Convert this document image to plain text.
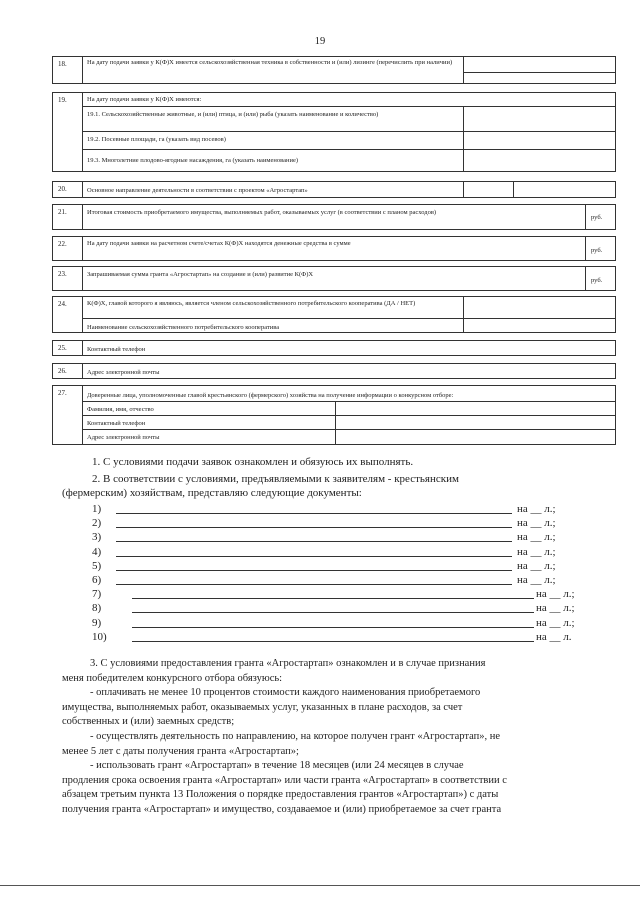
19
18.	На дату подачи заявки у К(Ф)Х имеется сельскохозяйственная техника в собственности и (или) лизинге (перечислить при наличии)
19.	На дату подачи заявки у К(Ф)Х имеются:
19.1. Сельскохозяйственные животные, и (или) птица, и (или) рыба (указать наименование и количество)
19.2. Посевные площади, га (указать вид посевов)
19.3. Многолетние плодово-ягодные насаждения, га (указать наименование)
20.	Основное направление деятельности в соответствии с проектом «Агростартап»
21.	Итоговая стоимость приобретаемого имущества, выполняемых работ, оказываемых услуг (в соответствии с планом расходов)
руб.
22.	На дату подачи заявки на расчетном счете/счетах К(Ф)Х находятся денежные средства в сумме
руб.
23.	Запрашиваемая сумма гранта «Агростартап» на создание и (или) развитие К(Ф)Х
руб.
24.	К(Ф)Х, главой которого я являюсь, является членом сельскохозяйственного потребительского кооператива (ДА / НЕТ)
Наименование сельскохозяйственного потребительского кооператива
25.	Контактный телефон
26.	Адрес электронной почты
27.	Доверенные лица, уполномоченные главой крестьянского (фермерского) хозяйства на получение информации о конкурсном отборе:
Фамилия, имя, отчество
Контактный телефон
Адрес электронной почты
1. С условиями подачи заявок ознакомлен и обязуюсь их выполнять.
2. В соответствии с условиями, предъявляемыми к заявителям - крестьянским
(фермерским) хозяйствам, представляю следующие документы:
1)	на __ л.;
2)	на __ л.;
3)	на __ л.;
4)	на __ л.;
5)	на __ л.;
6)	на __ л.;
7)	на __ л.;
8)	на __ л.;
9)	на __ л.;
10)	на __ л.
3. С условиями предоставления гранта «Агростартап» ознакомлен и в случае признания
меня победителем конкурсного отбора обязуюсь:
- оплачивать не менее 10 процентов стоимости каждого наименования приобретаемого
имущества, выполняемых работ, оказываемых услуг, указанных в плане расходов, за счет
собственных и (или) заемных средств;
- осуществлять деятельность по направлению, на которое получен грант «Агростартап», не
менее 5 лет с даты получения гранта «Агростартап»;
- использовать грант «Агростартап» в течение 18 месяцев (или 24 месяцев в случае
продления срока освоения гранта «Агростартап» или части гранта «Агростартап» в соответствии с
абзацем третьим пункта 13 Положения о порядке предоставления грантов «Агростартап») с даты
получения гранта «Агростартап» и имущество, создаваемое и (или) приобретаемое за счет гранта
